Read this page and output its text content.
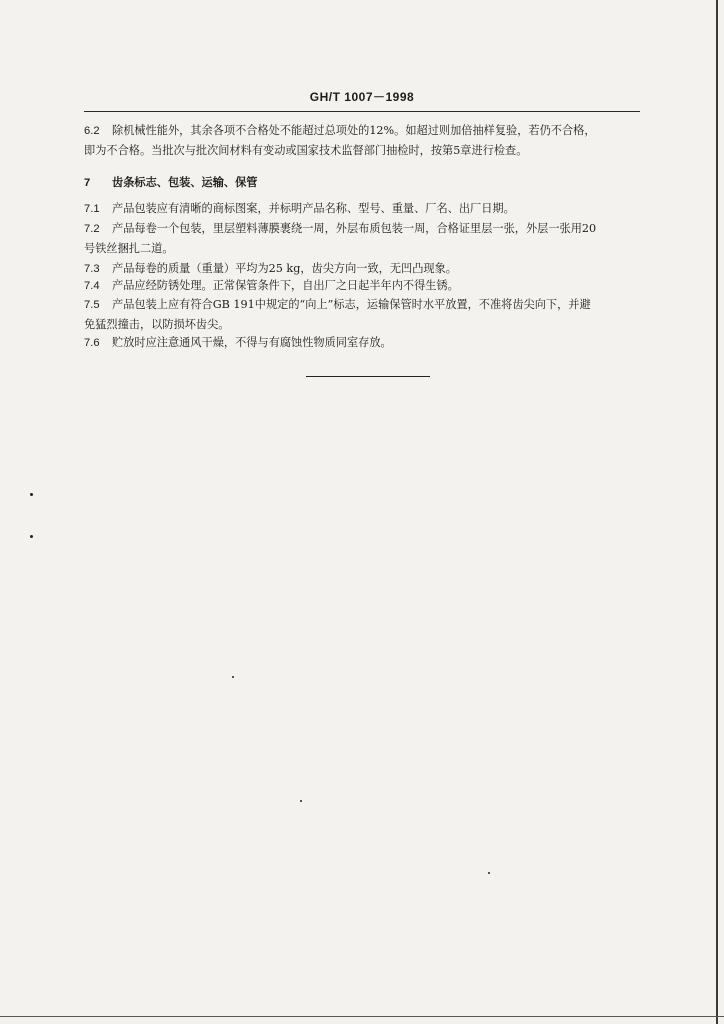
GH/T 1007－1998
6.2 除机械性能外，其余各项不合格处不能超过总项处的12%。如超过则加倍抽样复验，若仍不合格，
即为不合格。当批次与批次间材料有变动或国家技术监督部门抽检时，按第5章进行检查。
7 齿条标志、包装、运输、保管
7.1 产品包装应有清晰的商标图案，并标明产品名称、型号、重量、厂名、出厂日期。
7.2 产品每卷一个包装，里层塑料薄膜裹绕一周，外层布质包装一周，合格证里层一张，外层一张用20
号铁丝捆扎二道。
7.3 产品每卷的质量（重量）平均为25 kg，齿尖方向一致，无凹凸现象。
7.4 产品应经防锈处理。正常保管条件下，自出厂之日起半年内不得生锈。
7.5 产品包装上应有符合GB 191中规定的“向上”标志，运输保管时水平放置，不准将齿尖向下，并避
免猛烈撞击，以防损坏齿尖。
7.6 贮放时应注意通风干燥，不得与有腐蚀性物质同室存放。
